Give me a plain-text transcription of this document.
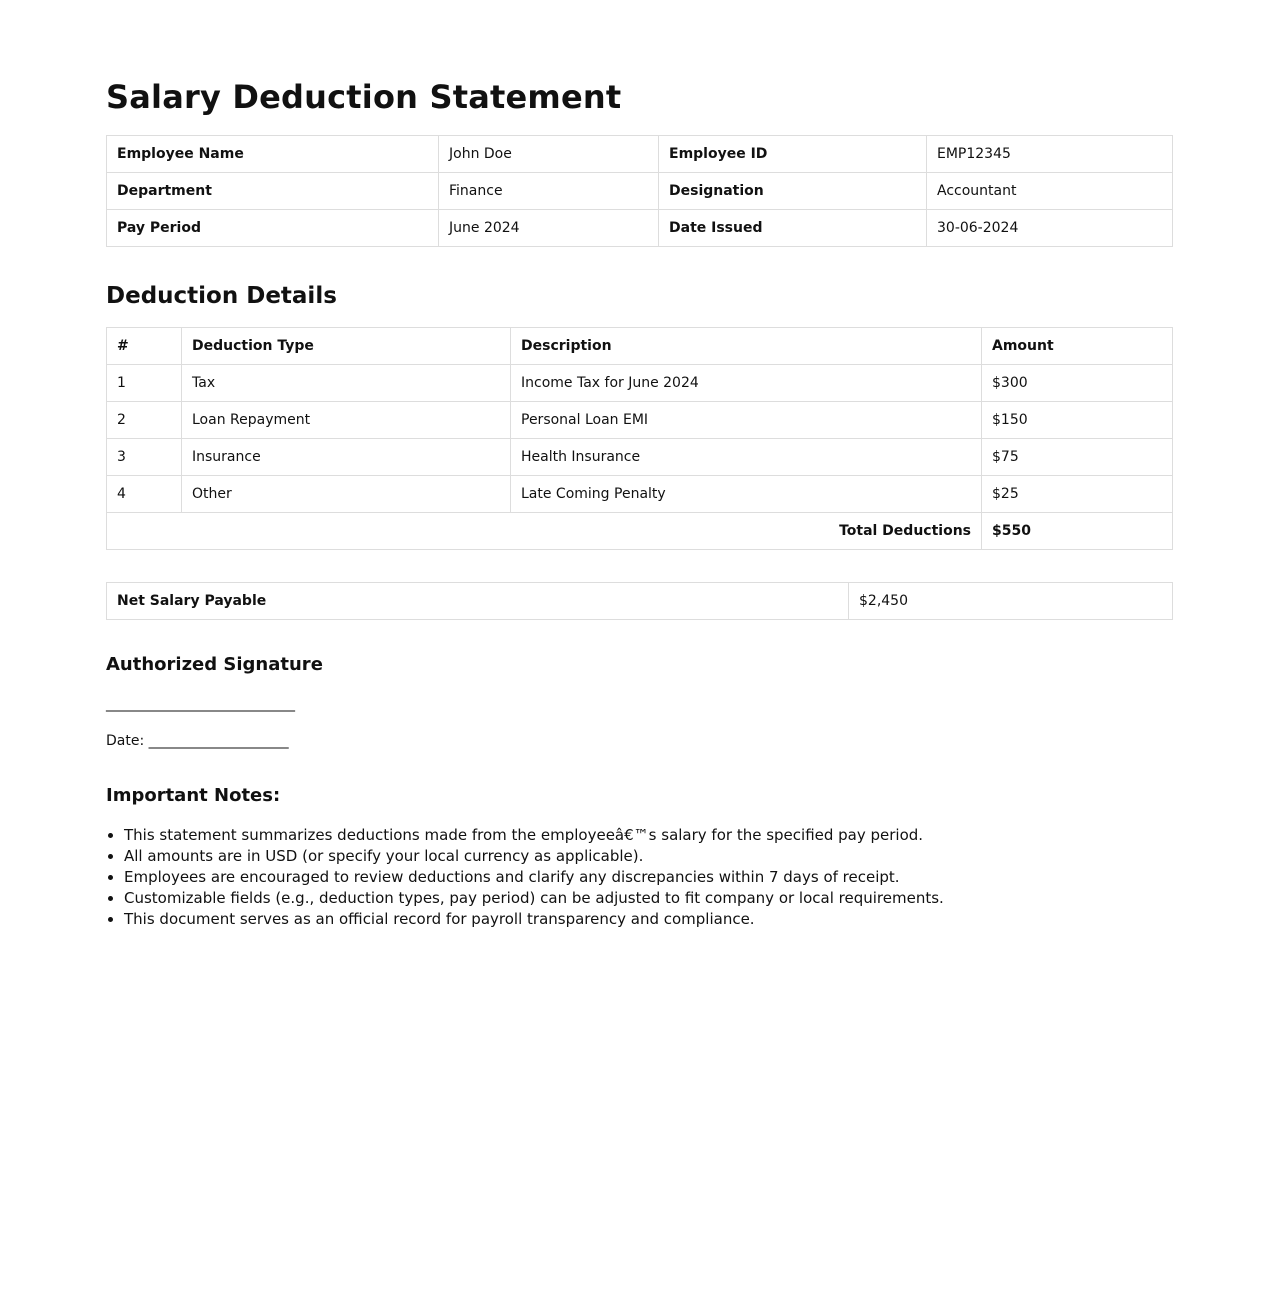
Salary Deduction Statement
Employee Name	John Doe	Employee ID	EMP12345
Department	Finance	Designation	Accountant
Pay Period	June 2024	Date Issued	30-06-2024
Deduction Details
#	Deduction Type	Description	Amount
1	Tax	Income Tax for June 2024	$300
2	Loan Repayment	Personal Loan EMI	$150
3	Insurance	Health Insurance	$75
4	Other	Late Coming Penalty	$25
Total Deductions			$550
Net Salary Payable	$2,450
Authorized Signature
___________________________
Date: ____________________
Important Notes:
• This statement summarizes deductions made from the employeeâ€™s salary for the specified pay period.
• All amounts are in USD (or specify your local currency as applicable).
• Employees are encouraged to review deductions and clarify any discrepancies within 7 days of receipt.
• Customizable fields (e.g., deduction types, pay period) can be adjusted to fit company or local requirements.
• This document serves as an official record for payroll transparency and compliance.
